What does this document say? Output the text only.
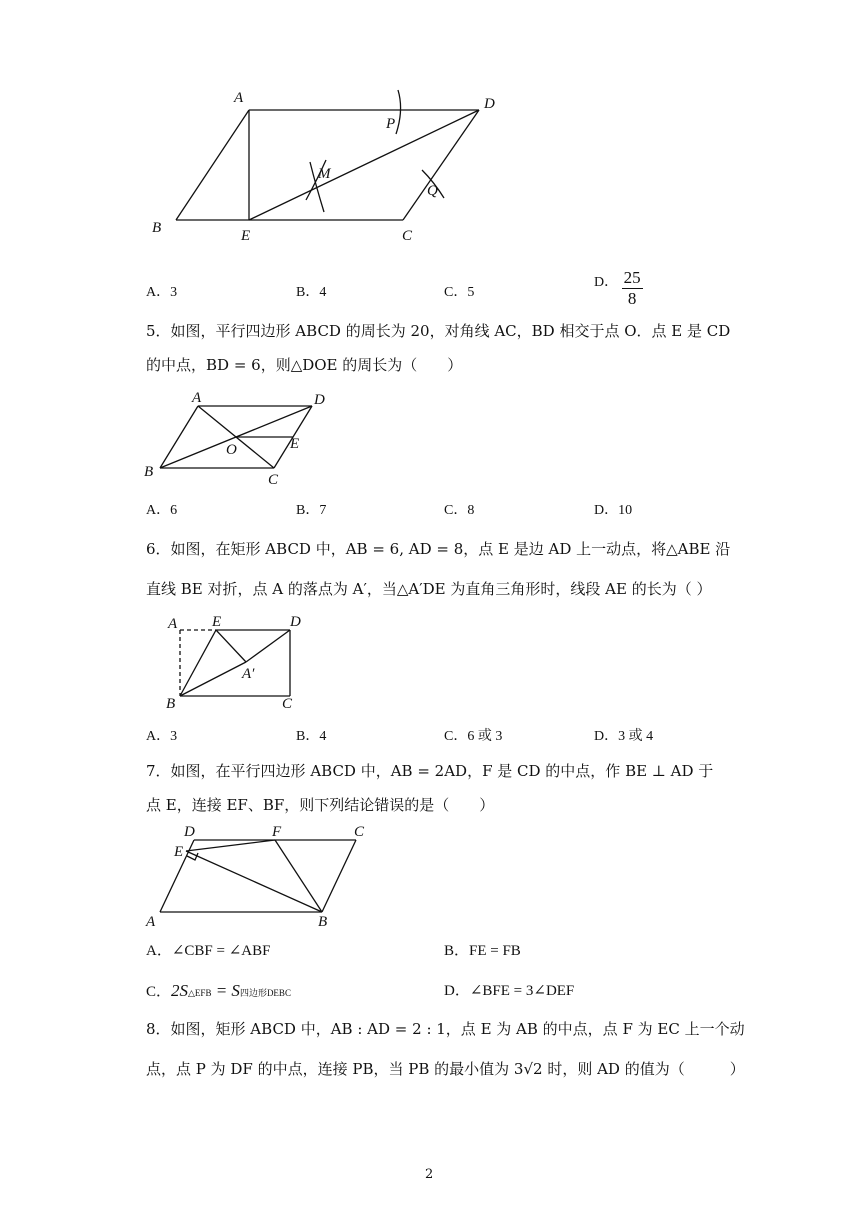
A
B	C
D
E
M
P
Q
A．3	B．4	C．5
D． $\frac{25}{8}$
5．如图，平行四边形 ABCD 的周长为 20，对角线 AC，BD 相交于点 O．点 E 是 CD
的中点，BD = 6，则△DOE 的周长为（　　）
A
B	C
D
O	E
A．6	B．7	C．8	D．10
6．如图，在矩形 ABCD 中，AB = 6, AD = 8，点 E 是边 AD 上一动点，将△ABE 沿
直线 BE 对折，点 A 的落点为 A′，当△A′DE 为直角三角形时，线段 AE 的长为（ ）
A E	D
B	C
A′
A．3	B．4	C．6 或 3	D．3 或 4
7．如图，在平行四边形 ABCD 中，AB = 2AD，F 是 CD 的中点，作 BE ⊥ AD 于
点 E，连接 EF、BF，则下列结论错误的是（　　）
D	F	C
E
A	B
A．∠CBF = ∠ABF	B．FE = FB
C．2S△EFB = S四边形DEBC	D．∠BFE = 3∠DEF
8．如图，矩形 ABCD 中，AB : AD = 2 : 1，点 E 为 AB 的中点，点 F 为 EC 上一个动
点，点 P 为 DF 的中点，连接 PB，当 PB 的最小值为 3√2 时，则 AD 的值为（　　　）
2
